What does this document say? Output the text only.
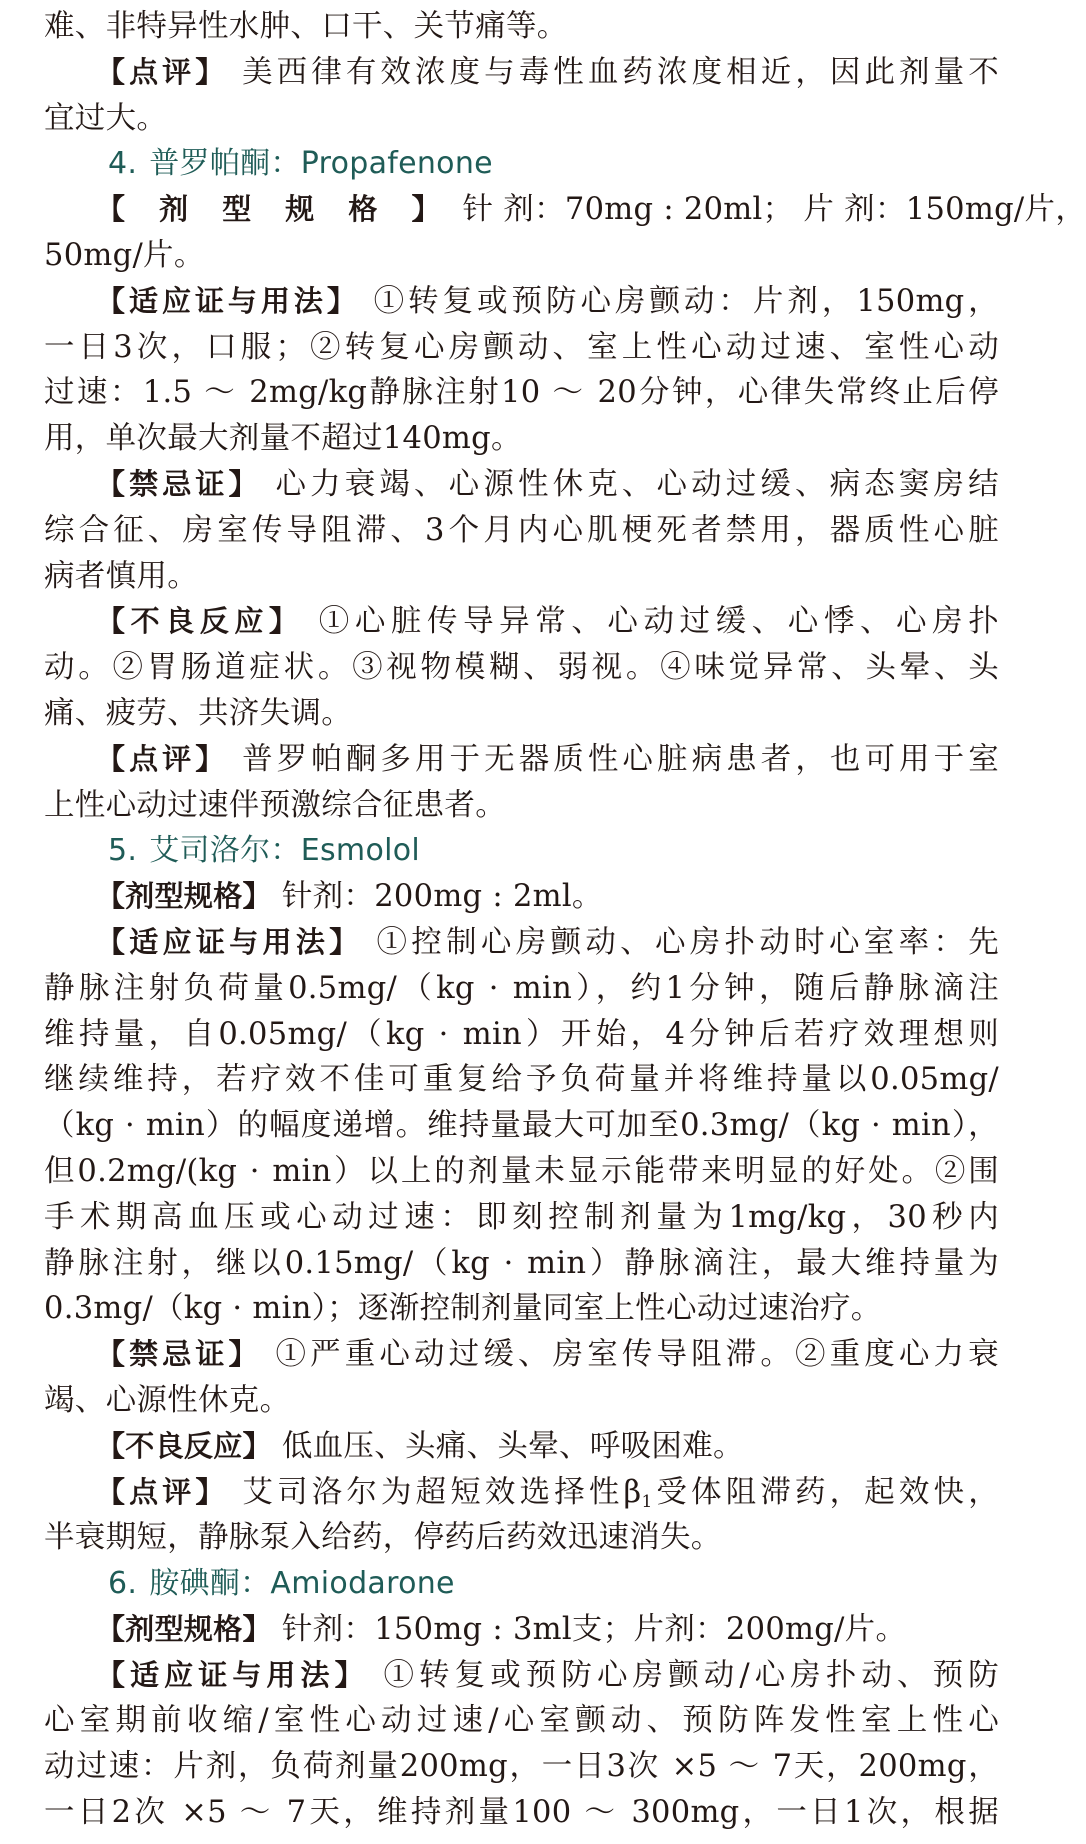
难、非特异性水肿、口干、关节痛等。
【点评】 美西律有效浓度与毒性血药浓度相近，因此剂量不
宜过大。
4. 普罗帕酮：Propafenone
【 剂 型 规 格 】 针 剂：70mg : 20ml； 片 剂：150mg/片，
50mg/片。
【适应证与用法】 ①转复或预防心房颤动：片剂，150mg，
一日3次，口服；②转复心房颤动、室上性心动过速、室性心动
过速：1.5 ～ 2mg/kg静脉注射10 ～ 20分钟，心律失常终止后停
用，单次最大剂量不超过140mg。
【禁忌证】 心力衰竭、心源性休克、心动过缓、病态窦房结
综合征、房室传导阻滞、3个月内心肌梗死者禁用，器质性心脏
病者慎用。
【不良反应】 ①心脏传导异常、心动过缓、心悸、心房扑
动。②胃肠道症状。③视物模糊、弱视。④味觉异常、头晕、头
痛、疲劳、共济失调。
【点评】 普罗帕酮多用于无器质性心脏病患者，也可用于室
上性心动过速伴预激综合征患者。
5. 艾司洛尔：Esmolol
【剂型规格】 针剂：200mg : 2ml。
【适应证与用法】 ①控制心房颤动、心房扑动时心室率：先
静脉注射负荷量0.5mg/（kg · min），约1分钟，随后静脉滴注
维持量，自0.05mg/（kg · min）开始，4分钟后若疗效理想则
继续维持，若疗效不佳可重复给予负荷量并将维持量以0.05mg/
（kg · min）的幅度递增。维持量最大可加至0.3mg/（kg · min），
但0.2mg/(kg · min）以上的剂量未显示能带来明显的好处。②围
手术期高血压或心动过速：即刻控制剂量为1mg/kg，30秒内
静脉注射，继以0.15mg/（kg · min）静脉滴注，最大维持量为
0.3mg/（kg · min）；逐渐控制剂量同室上性心动过速治疗。
【禁忌证】 ①严重心动过缓、房室传导阻滞。②重度心力衰
竭、心源性休克。
【不良反应】 低血压、头痛、头晕、呼吸困难。
【点评】 艾司洛尔为超短效选择性$\beta_1$受体阻滞药，起效快，
半衰期短，静脉泵入给药，停药后药效迅速消失。
6. 胺碘酮：Amiodarone
【剂型规格】 针剂：150mg : 3ml支；片剂：200mg/片。
【适应证与用法】 ①转复或预防心房颤动/心房扑动、预防
心室期前收缩/室性心动过速/心室颤动、预防阵发性室上性心
动过速：片剂，负荷剂量200mg，一日3次 ×5 ～ 7天，200mg，
一日2次 ×5 ～ 7天，维持剂量100 ～ 300mg，一日1次，根据
